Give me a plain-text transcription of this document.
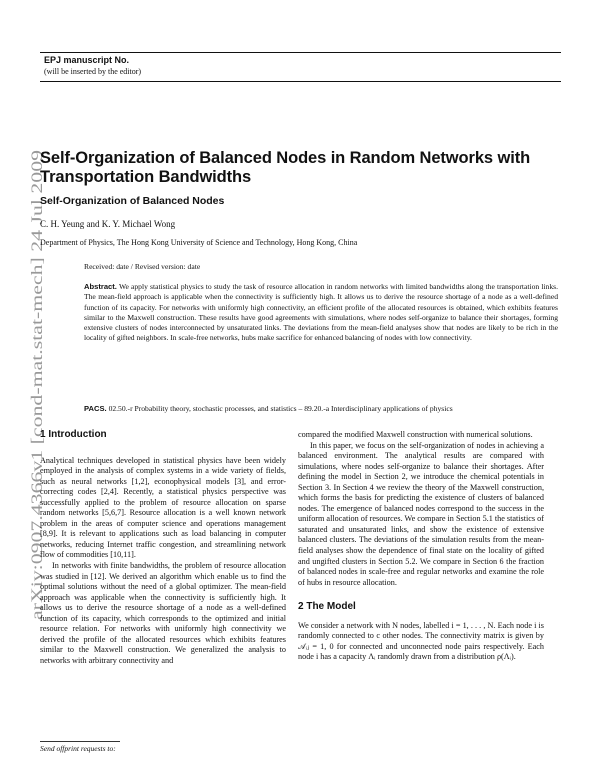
EPJ manuscript No.
(will be inserted by the editor)
arXiv:0907.4366v1 [cond-mat.stat-mech] 24 Jul 2009
Self-Organization of Balanced Nodes in Random Networks with
Transportation Bandwidths
Self-Organization of Balanced Nodes
C. H. Yeung and K. Y. Michael Wong
Department of Physics, The Hong Kong University of Science and Technology, Hong Kong, China
Received: date / Revised version: date
Abstract. We apply statistical physics to study the task of resource allocation in random networks with limited bandwidths along the transportation links. The mean-field approach is applicable when the connectivity is sufficiently high. It allows us to derive the resource shortage of a node as a well-defined function of its capacity. For networks with uniformly high connectivity, an efficient profile of the allocated resources is obtained, which exhibits features similar to the Maxwell construction. These results have good agreements with simulations, where nodes self-organize to balance their shortages, forming extensive clusters of nodes interconnected by unsaturated links. The deviations from the mean-field analyses show that nodes are likely to be rich in the locality of gifted neighbors. In scale-free networks, hubs make sacrifice for enhanced balancing of nodes with low connectivity.
PACS. 02.50.-r Probability theory, stochastic processes, and statistics – 89.20.-a Interdisciplinary applications of physics
1 Introduction

Analytical techniques developed in statistical physics have been widely employed in the analysis of complex systems in a wide variety of fields, such as neural networks [1,2], econophysical models [3], and error-correcting codes [2,4]. Recently, a statistical physics perspective was successfully applied to the problem of resource allocation on sparse random networks [5,6,7]. Resource allocation is a well known network problem in the areas of computer science and operations management [8,9]. It is relevant to applications such as load balancing in computer networks, reducing Internet traffic congestion, and streamlining network flow of commodities [10,11].

In networks with finite bandwidths, the problem of resource allocation was studied in [12]. We derived an algorithm which enable us to find the optimal solutions without the need of a global optimizer. The mean-field approach was applicable when the connectivity is sufficiently high. It allows us to derive the resource shortage of a node as a well-defined function of its capacity, which corresponds to the optimized and initial resource relation. For networks with uniformly high connectivity we derived the profile of the allocated resources which exhibits features similar to the Maxwell construction. We generalized the analysis to networks with arbitrary connectivity and

compared the modified Maxwell construction with numerical solutions.

In this paper, we focus on the self-organization of nodes in achieving a balanced environment. The analytical results are compared with simulations, where nodes self-organize to balance their shortages. After defining the model in Section 2, we introduce the chemical potentials in Section 3. In Section 4 we review the theory of the Maxwell construction, which forms the basis for predicting the existence of clusters of balanced nodes. The emergence of balanced nodes correspond to the success in the uniform allocation of resources. We compare in Section 5.1 the statistics of saturated and unsaturated links, and show the existence of extensive balanced clusters. The deviations of the simulation results from the mean-field analyses show the dependence of final state on the locality of gifted and ungifted clusters in Section 5.2. We compare in Section 6 the fraction of balanced nodes in scale-free and regular networks and examine the role of hubs in resource allocation.

2 The Model

We consider a network with N nodes, labelled i = 1, . . . , N. Each node i is randomly connected to c other nodes. The connectivity matrix is given by 𝒜ᵢⱼ = 1, 0 for connected and unconnected node pairs respectively. Each node i has a capacity Λᵢ randomly drawn from a distribution ρ(Λᵢ).

Send offprint requests to:
